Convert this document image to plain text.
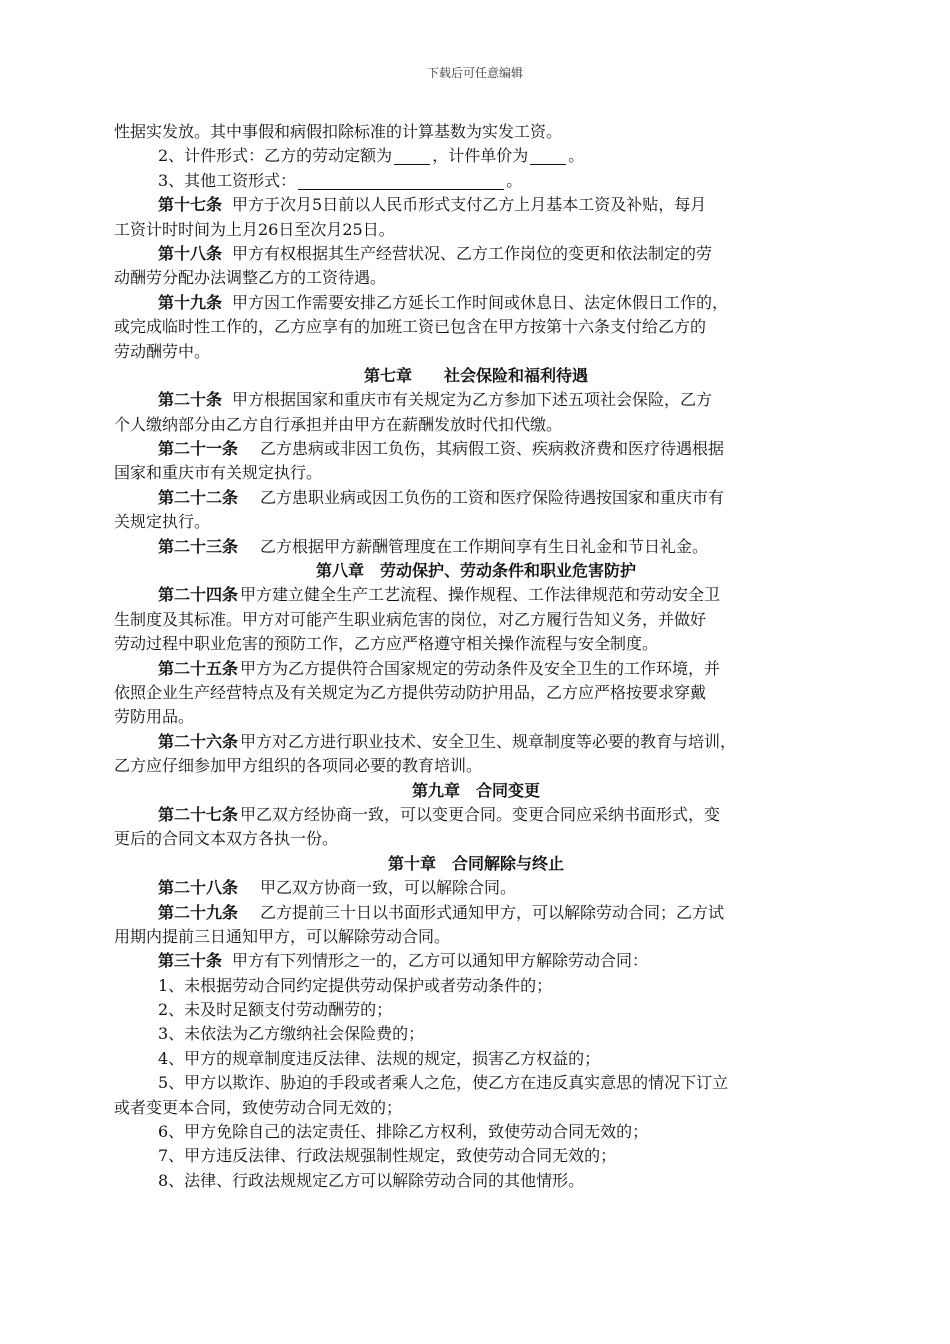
下载后可任意编辑
性据实发放。其中事假和病假扣除标准的计算基数为实发工资。
2、计件形式：乙方的劳动定额为	，计件单价为	。
3、其他工资形式：	。
第十七条 甲方于次月5日前以人民币形式支付乙方上月基本工资及补贴，每月
工资计时时间为上月26日至次月25日。
第十八条 甲方有权根据其生产经营状况、乙方工作岗位的变更和依法制定的劳
动酬劳分配办法调整乙方的工资待遇。
第十九条 甲方因工作需要安排乙方延长工作时间或休息日、法定休假日工作的，
或完成临时性工作的，乙方应享有的加班工资已包含在甲方按第十六条支付给乙方的
劳动酬劳中。
第七章　　社会保险和福利待遇
第二十条 甲方根据国家和重庆市有关规定为乙方参加下述五项社会保险，乙方
个人缴纳部分由乙方自行承担并由甲方在薪酬发放时代扣代缴。
第二十一条 乙方患病或非因工负伤，其病假工资、疾病救济费和医疗待遇根据
国家和重庆市有关规定执行。
第二十二条 乙方患职业病或因工负伤的工资和医疗保险待遇按国家和重庆市有
关规定执行。
第二十三条 乙方根据甲方薪酬管理度在工作期间享有生日礼金和节日礼金。
第八章　劳动保护、劳动条件和职业危害防护
第二十四条 甲方建立健全生产工艺流程、操作规程、工作法律规范和劳动安全卫
生制度及其标准。甲方对可能产生职业病危害的岗位，对乙方履行告知义务，并做好
劳动过程中职业危害的预防工作，乙方应严格遵守相关操作流程与安全制度。
第二十五条 甲方为乙方提供符合国家规定的劳动条件及安全卫生的工作环境，并
依照企业生产经营特点及有关规定为乙方提供劳动防护用品，乙方应严格按要求穿戴
劳防用品。
第二十六条 甲方对乙方进行职业技术、安全卫生、规章制度等必要的教育与培训，
乙方应仔细参加甲方组织的各项同必要的教育培训。
第九章　合同变更
第二十七条 甲乙双方经协商一致，可以变更合同。变更合同应采纳书面形式，变
更后的合同文本双方各执一份。
第十章　合同解除与终止
第二十八条 甲乙双方协商一致，可以解除合同。
第二十九条 乙方提前三十日以书面形式通知甲方，可以解除劳动合同；乙方试
用期内提前三日通知甲方，可以解除劳动合同。
第三十条 甲方有下列情形之一的，乙方可以通知甲方解除劳动合同：
1、未根据劳动合同约定提供劳动保护或者劳动条件的；
2、未及时足额支付劳动酬劳的；
3、未依法为乙方缴纳社会保险费的；
4、甲方的规章制度违反法律、法规的规定，损害乙方权益的；
5、甲方以欺诈、胁迫的手段或者乘人之危，使乙方在违反真实意思的情况下订立
或者变更本合同，致使劳动合同无效的；
6、甲方免除自己的法定责任、排除乙方权利，致使劳动合同无效的；
7、甲方违反法律、行政法规强制性规定，致使劳动合同无效的；
8、法律、行政法规规定乙方可以解除劳动合同的其他情形。
